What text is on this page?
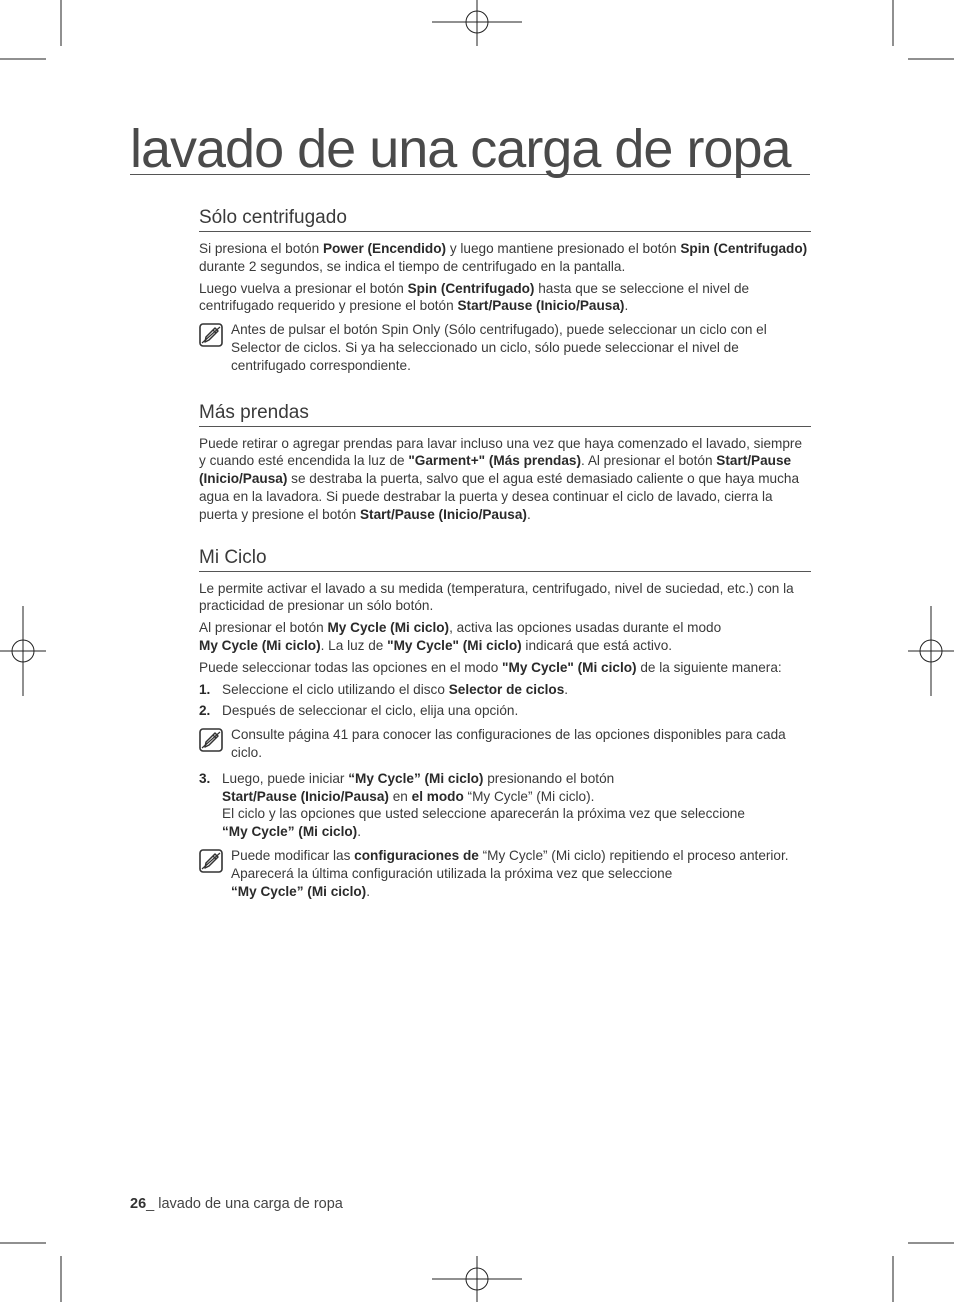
lavado de una carga de ropa
Sólo centrifugado

Si presiona el botón Power (Encendido) y luego mantiene presionado el botón Spin (Centrifugado) durante 2 segundos, se indica el tiempo de centrifugado en la pantalla.

Luego vuelva a presionar el botón Spin (Centrifugado) hasta que se seleccione el nivel de centrifugado requerido y presione el botón Start/Pause (Inicio/Pausa).

Antes de pulsar el botón Spin Only (Sólo centrifugado), puede seleccionar un ciclo con el Selector de ciclos. Si ya ha seleccionado un ciclo, sólo puede seleccionar el nivel de centrifugado correspondiente.

Más prendas

Puede retirar o agregar prendas para lavar incluso una vez que haya comenzado el lavado, siempre y cuando esté encendida la luz de "Garment+" (Más prendas). Al presionar el botón Start/Pause (Inicio/Pausa) se destraba la puerta, salvo que el agua esté demasiado caliente o que haya mucha agua en la lavadora. Si puede destrabar la puerta y desea continuar el ciclo de lavado, cierra la puerta y presione el botón Start/Pause (Inicio/Pausa).

Mi Ciclo

Le permite activar el lavado a su medida (temperatura, centrifugado, nivel de suciedad, etc.) con la practicidad de presionar un sólo botón.

Al presionar el botón My Cycle (Mi ciclo), activa las opciones usadas durante el modo
My Cycle (Mi ciclo). La luz de "My Cycle" (Mi ciclo) indicará que está activo.

Puede seleccionar todas las opciones en el modo "My Cycle" (Mi ciclo) de la siguiente manera:

1. Seleccione el ciclo utilizando el disco Selector de ciclos.

2. Después de seleccionar el ciclo, elija una opción.

Consulte página 41 para conocer las configuraciones de las opciones disponibles para cada ciclo.

3. Luego, puede iniciar “My Cycle” (Mi ciclo) presionando el botón
Start/Pause (Inicio/Pausa) en el modo “My Cycle” (Mi ciclo).
El ciclo y las opciones que usted seleccione aparecerán la próxima vez que seleccione
“My Cycle” (Mi ciclo).

Puede modificar las configuraciones de “My Cycle” (Mi ciclo) repitiendo el proceso anterior.

Aparecerá la última configuración utilizada la próxima vez que seleccione
“My Cycle” (Mi ciclo).

26_ lavado de una carga de ropa
